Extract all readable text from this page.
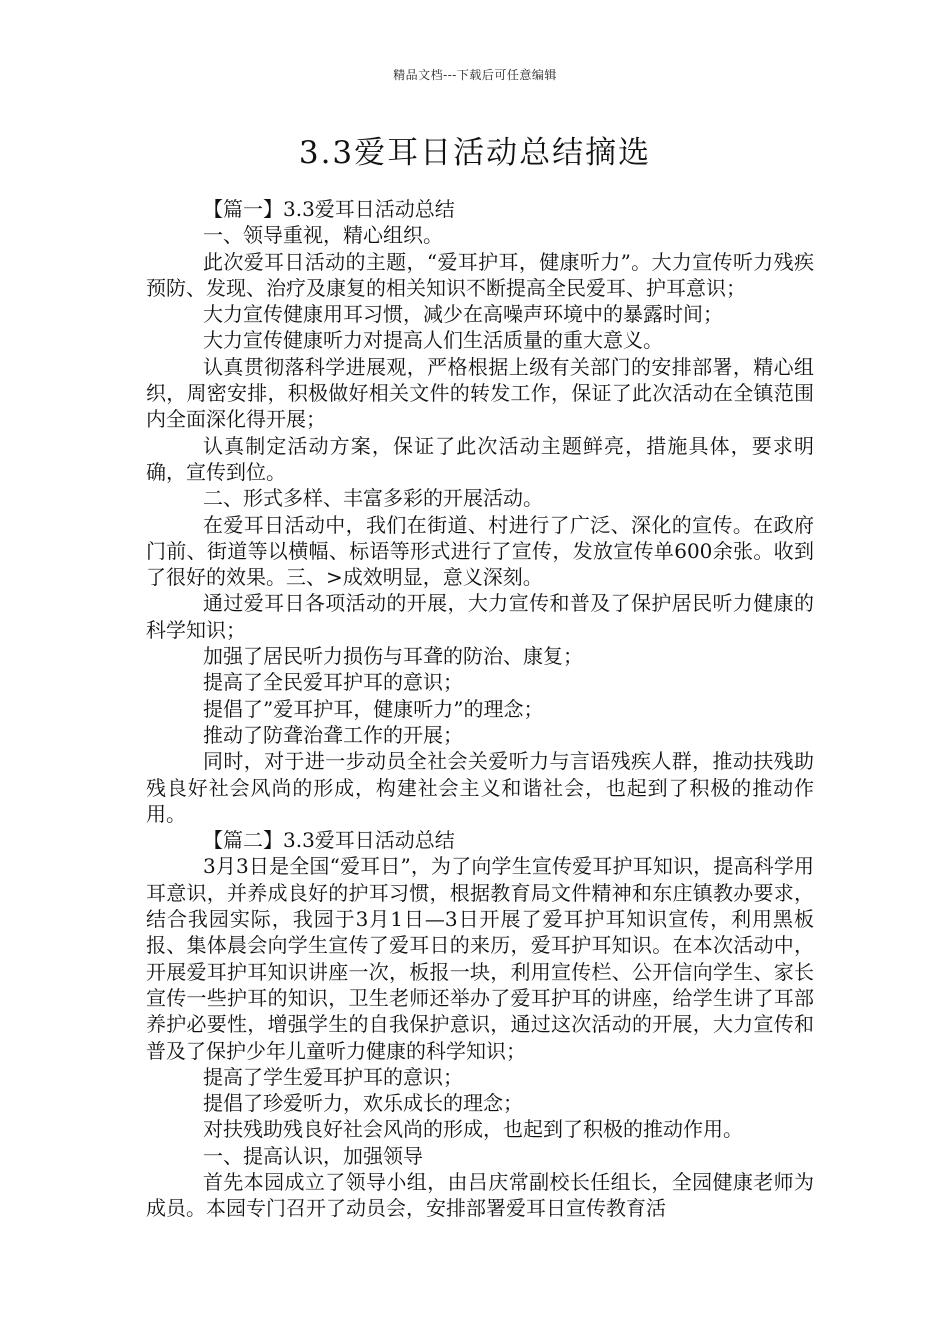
精品文档---下载后可任意编辑
3.3爱耳日活动总结摘选

【篇一】3.3爱耳日活动总结

一、领导重视，精心组织。

此次爱耳日活动的主题，“爱耳护耳，健康听力”。大力宣传听力残疾预防、发现、治疗及康复的相关知识不断提高全民爱耳、护耳意识；

大力宣传健康用耳习惯，减少在高噪声环境中的暴露时间；

大力宣传健康听力对提高人们生活质量的重大意义。

认真贯彻落科学进展观，严格根据上级有关部门的安排部署，精心组织，周密安排，积极做好相关文件的转发工作，保证了此次活动在全镇范围内全面深化得开展；

认真制定活动方案，保证了此次活动主题鲜亮，措施具体，要求明确，宣传到位。

二、形式多样、丰富多彩的开展活动。

在爱耳日活动中，我们在街道、村进行了广泛、深化的宣传。在政府门前、街道等以横幅、标语等形式进行了宣传，发放宣传单600余张。收到了很好的效果。三、>成效明显，意义深刻。

通过爱耳日各项活动的开展，大力宣传和普及了保护居民听力健康的科学知识；

加强了居民听力损伤与耳聋的防治、康复；

提高了全民爱耳护耳的意识；

提倡了”爱耳护耳，健康听力”的理念；

推动了防聋治聋工作的开展；

同时，对于进一步动员全社会关爱听力与言语残疾人群，推动扶残助残良好社会风尚的形成，构建社会主义和谐社会，也起到了积极的推动作用。

【篇二】3.3爱耳日活动总结

3月3日是全国“爱耳日”，为了向学生宣传爱耳护耳知识，提高科学用耳意识，并养成良好的护耳习惯，根据教育局文件精神和东庄镇教办要求，结合我园实际，我园于3月1日—3日开展了爱耳护耳知识宣传，利用黑板报、集体晨会向学生宣传了爱耳日的来历，爱耳护耳知识。在本次活动中，开展爱耳护耳知识讲座一次，板报一块，利用宣传栏、公开信向学生、家长宣传一些护耳的知识，卫生老师还举办了爱耳护耳的讲座，给学生讲了耳部养护必要性，增强学生的自我保护意识，通过这次活动的开展，大力宣传和普及了保护少年儿童听力健康的科学知识；

提高了学生爱耳护耳的意识；

提倡了珍爱听力，欢乐成长的理念；

对扶残助残良好社会风尚的形成，也起到了积极的推动作用。

一、提高认识，加强领导

首先本园成立了领导小组，由吕庆常副校长任组长，全园健康老师为成员。本园专门召开了动员会，安排部署爱耳日宣传教育活
